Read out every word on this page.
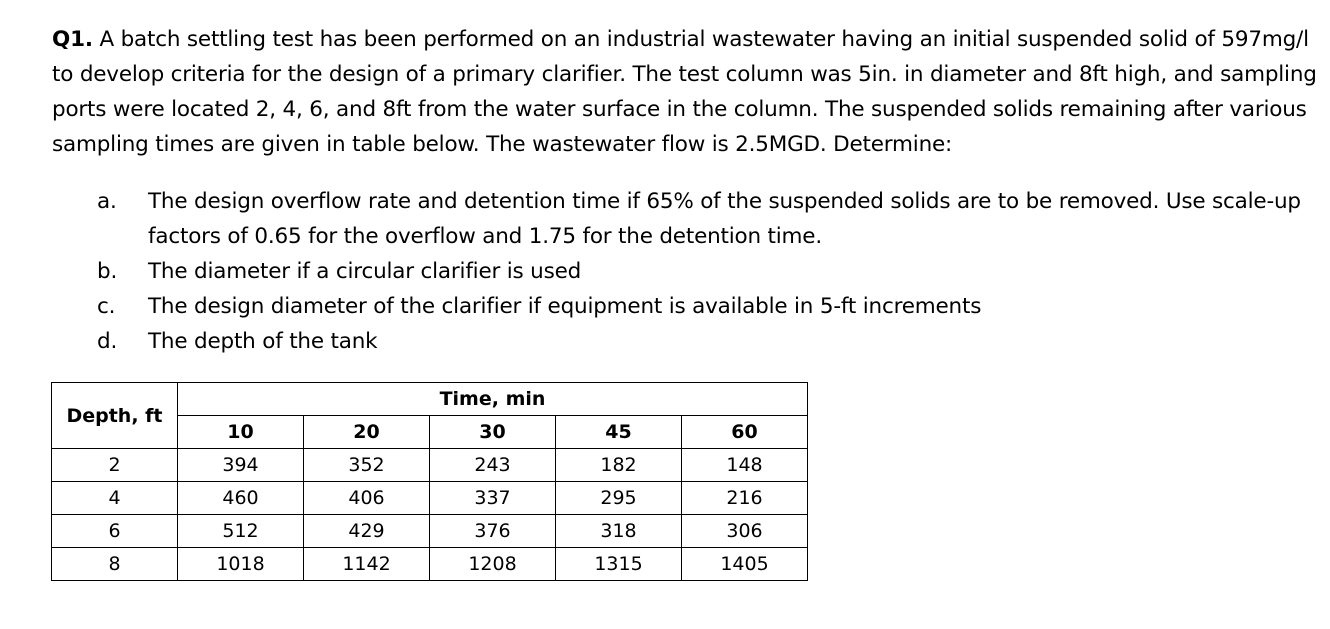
Q1. A batch settling test has been performed on an industrial wastewater having an initial suspended solid of 597mg/l to develop criteria for the design of a primary clarifier. The test column was 5in. in diameter and 8ft high, and sampling ports were located 2, 4, 6, and 8ft from the water surface in the column. The suspended solids remaining after various sampling times are given in table below. The wastewater flow is 2.5MGD. Determine:
a.	The design overflow rate and detention time if 65% of the suspended solids are to be removed. Use scale-up factors of 0.65 for the overflow and 1.75 for the detention time.
b.	The diameter if a circular clarifier is used
c.	The design diameter of the clarifier if equipment is available in 5-ft increments
d.	The depth of the tank
Depth, ft	Time, min				
	10	20	30	45	60
2	394	352	243	182	148
4	460	406	337	295	216
6	512	429	376	318	306
8	1018	1142	1208	1315	1405
